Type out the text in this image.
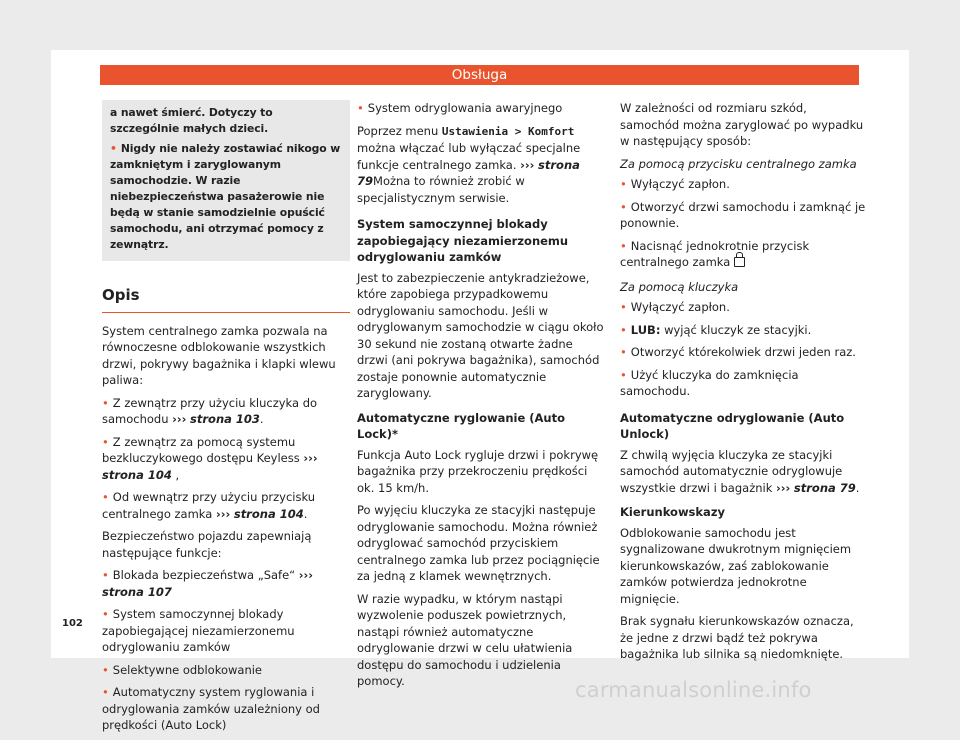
Obsługa

a nawet śmierć. Dotyczy to szczególnie małych dzieci.

• Nigdy nie należy zostawiać nikogo w zamkniętym i zaryglowanym samochodzie. W razie niebezpieczeństwa pasażerowie nie będą w stanie samodzielnie opuścić samochodu, ani otrzymać pomocy z zewnątrz.

Opis

System centralnego zamka pozwala na równoczesne odblokowanie wszystkich drzwi, pokrywy bagażnika i klapki wlewu paliwa:

• Z zewnątrz przy użyciu kluczyka do samochodu ››› strona 103.

• Z zewnątrz za pomocą systemu bezkluczykowego dostępu Keyless ››› strona 104 ,

• Od wewnątrz przy użyciu przycisku centralnego zamka ››› strona 104.

Bezpieczeństwo pojazdu zapewniają następujące funkcje:

• Blokada bezpieczeństwa „Safe“ ››› strona 107

• System samoczynnej blokady zapobiegającej niezamierzonemu odryglowaniu zamków

• Selektywne odblokowanie

• Automatyczny system ryglowania i odryglowania zamków uzależniony od prędkości (Auto Lock)

• System odryglowania awaryjnego

Poprzez menu Ustawienia > Komfort można włączać lub wyłączać specjalne funkcje centralnego zamka. ››› strona 79Można to również zrobić w specjalistycznym serwisie.

System samoczynnej blokady zapobiegający niezamierzonemu odryglowaniu zamków

Jest to zabezpieczenie antykradzieżowe, które zapobiega przypadkowemu odryglowaniu samochodu. Jeśli w odryglowanym samochodzie w ciągu około 30 sekund nie zostaną otwarte żadne drzwi (ani pokrywa bagażnika), samochód zostaje ponownie automatycznie zaryglowany.

Automatyczne ryglowanie (Auto Lock)*

Funkcja Auto Lock rygluje drzwi i pokrywę bagażnika przy przekroczeniu prędkości ok. 15 km/h.

Po wyjęciu kluczyka ze stacyjki następuje odryglowanie samochodu. Można również odryglować samochód przyciskiem centralnego zamka lub przez pociągnięcie za jedną z klamek wewnętrznych.

W razie wypadku, w którym nastąpi wyzwolenie poduszek powietrznych, nastąpi również automatyczne odryglowanie drzwi w celu ułatwienia dostępu do samochodu i udzielenia pomocy.

W zależności od rozmiaru szkód, samochód można zaryglować po wypadku w następujący sposób:

Za pomocą przycisku centralnego zamka

• Wyłączyć zapłon.

• Otworzyć drzwi samochodu i zamknąć je ponownie.

• Nacisnąć jednokrotnie przycisk centralnego zamka

Za pomocą kluczyka

• Wyłączyć zapłon.

• LUB: wyjąć kluczyk ze stacyjki.

• Otworzyć którekolwiek drzwi jeden raz.

• Użyć kluczyka do zamknięcia samochodu.

Automatyczne odryglowanie (Auto Unlock)

Z chwilą wyjęcia kluczyka ze stacyjki samochód automatycznie odryglowuje wszystkie drzwi i bagażnik ››› strona 79.

Kierunkowskazy

Odblokowanie samochodu jest sygnalizowane dwukrotnym mignięciem kierunkowskazów, zaś zablokowanie zamków potwierdza jednokrotne mignięcie.

Brak sygnału kierunkowskazów oznacza, że jedne z drzwi bądź też pokrywa bagażnika lub silnika są niedomknięte.

102
carmanualsonline.info
